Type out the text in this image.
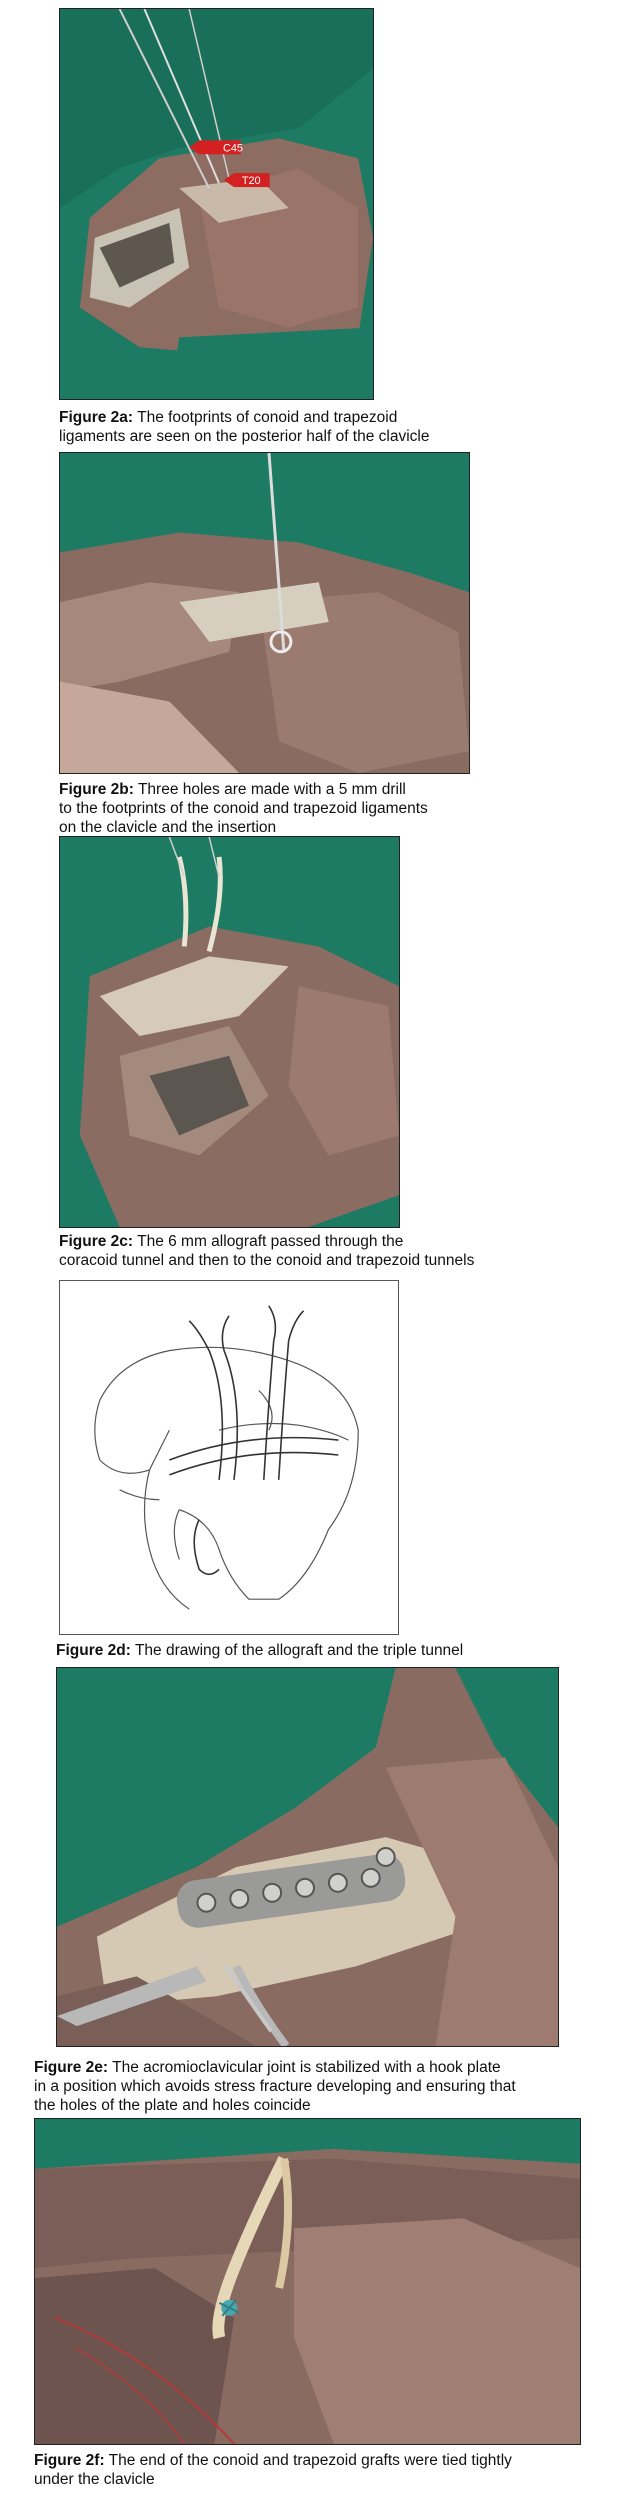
C45
T20

Figure 2a: The footprints of conoid and trapezoid
ligaments are seen on the posterior half of the clavicle

Figure 2b: Three holes are made with a 5 mm drill
to the footprints of the conoid and trapezoid ligaments
on the clavicle and the insertion

Figure 2c: The 6 mm allograft passed through the
coracoid tunnel and then to the conoid and trapezoid tunnels

Figure 2d: The drawing of the allograft and the triple tunnel

Figure 2e: The acromioclavicular joint is stabilized with a hook plate
in a position which avoids stress fracture developing and ensuring that
the holes of the plate and holes coincide

Figure 2f: The end of the conoid and trapezoid grafts were tied tightly
under the clavicle
